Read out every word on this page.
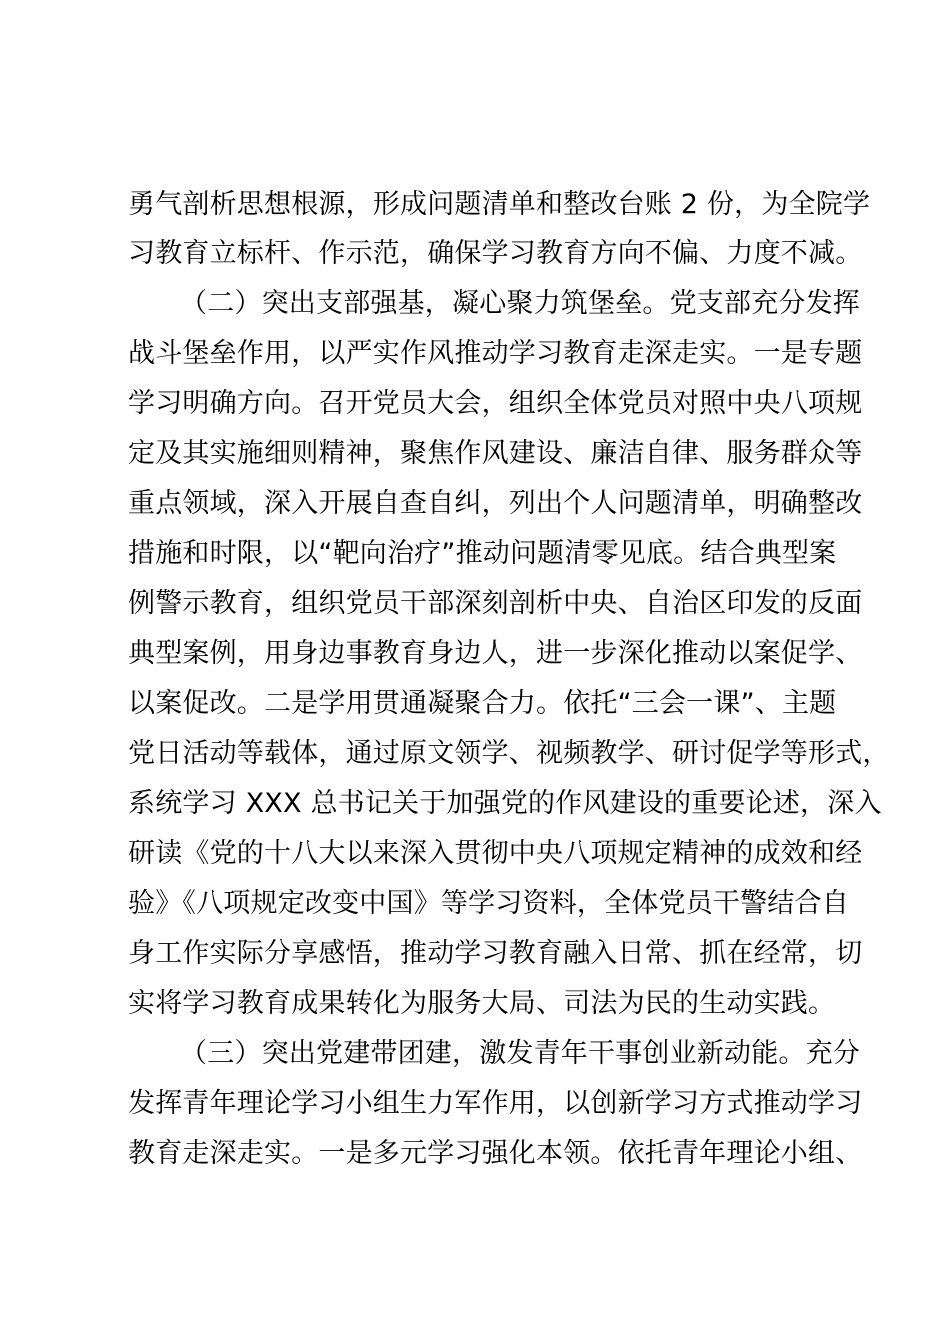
勇气剖析思想根源，形成问题清单和整改台账 2 份，为全院学
习教育立标杆、作示范，确保学习教育方向不偏、力度不减。
（二）突出支部强基，凝心聚力筑堡垒。党支部充分发挥
战斗堡垒作用，以严实作风推动学习教育走深走实。一是专题
学习明确方向。召开党员大会，组织全体党员对照中央八项规
定及其实施细则精神，聚焦作风建设、廉洁自律、服务群众等
重点领域，深入开展自查自纠，列出个人问题清单，明确整改
措施和时限，以“靶向治疗”推动问题清零见底。结合典型案
例警示教育，组织党员干部深刻剖析中央、自治区印发的反面
典型案例，用身边事教育身边人，进一步深化推动以案促学、
以案促改。二是学用贯通凝聚合力。依托“三会一课”、主题
党日活动等载体，通过原文领学、视频教学、研讨促学等形式，
系统学习 XXX 总书记关于加强党的作风建设的重要论述，深入
研读《党的十八大以来深入贯彻中央八项规定精神的成效和经
验》《八项规定改变中国》等学习资料，全体党员干警结合自
身工作实际分享感悟，推动学习教育融入日常、抓在经常，切
实将学习教育成果转化为服务大局、司法为民的生动实践。
（三）突出党建带团建，激发青年干事创业新动能。充分
发挥青年理论学习小组生力军作用，以创新学习方式推动学习
教育走深走实。一是多元学习强化本领。依托青年理论小组、
